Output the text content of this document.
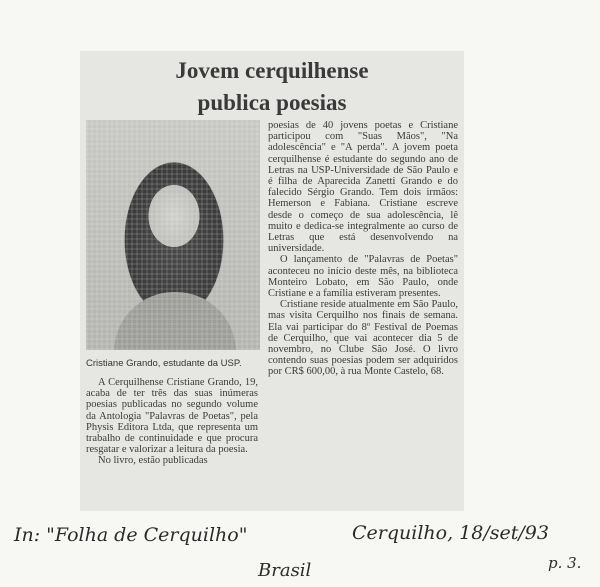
Jovem cerquilhense
publica poesias
Cristiane Grando, estudante da USP.

A Cerquilhense Cristiane Grando, 19, acaba de ter três das suas inúmeras poesias publicadas no segundo volume da Antologia "Palavras de Poetas", pela Physis Editora Ltda, que representa um trabalho de continuidade e que procura resgatar e valorizar a leitura da poesia.

No livro, estão publicadas

poesias de 40 jovens poetas e Cristiane participou com "Suas Mãos", "Na adolescência" e "A perda". A jovem poeta cerquilhense é estudante do segundo ano de Letras na USP-Universidade de São Paulo e é filha de Aparecida Zanetti Grando e do falecido Sérgio Grando. Tem dois irmãos: Hemerson e Fabiana. Cristiane escreve desde o começo de sua adolescência, lê muito e dedica-se integralmente ao curso de Letras que está desenvolvendo na universidade.

O lançamento de "Palavras de Poetas" aconteceu no início deste mês, na biblioteca Monteiro Lobato, em São Paulo, onde Cristiane e a família estiveram presentes.

Cristiane reside atualmente em São Paulo, mas visita Cerquilho nos finais de semana. Ela vai participar do 8º Festival de Poemas de Cerquilho, que vai acontecer dia 5 de novembro, no Clube São José. O livro contendo suas poesias podem ser adquiridos por CR$ 600,00, à rua Monte Castelo, 68.

In: "Folha de Cerquilho"	Cerquilho, 18/set/93
p. 3.
Brasil
